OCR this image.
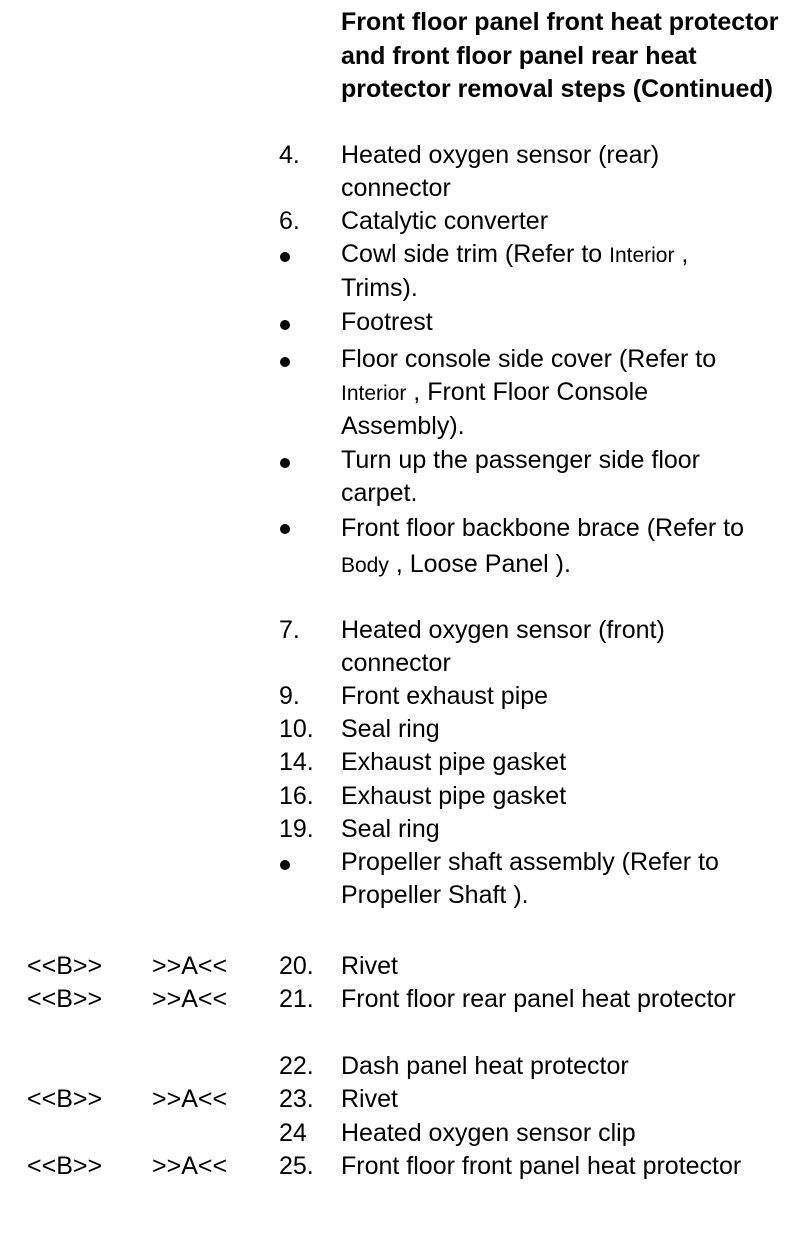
Front floor panel front heat protector and front floor panel rear heat protector removal steps (Continued)
4. Heated oxygen sensor (rear) connector
6. Catalytic converter
Cowl side trim (Refer to Interior , Trims).
Footrest
Floor console side cover (Refer to Interior , Front Floor Console Assembly).
Turn up the passenger side floor carpet.
Front floor backbone brace (Refer to Body , Loose Panel ).
7. Heated oxygen sensor (front) connector
9. Front exhaust pipe
10. Seal ring
14. Exhaust pipe gasket
16. Exhaust pipe gasket
19. Seal ring
Propeller shaft assembly (Refer to Propeller Shaft ).
<<B>> >>A<< 20. Rivet
<<B>> >>A<< 21. Front floor rear panel heat protector
22. Dash panel heat protector
<<B>> >>A<< 23. Rivet
24 Heated oxygen sensor clip
<<B>> >>A<< 25. Front floor front panel heat protector
